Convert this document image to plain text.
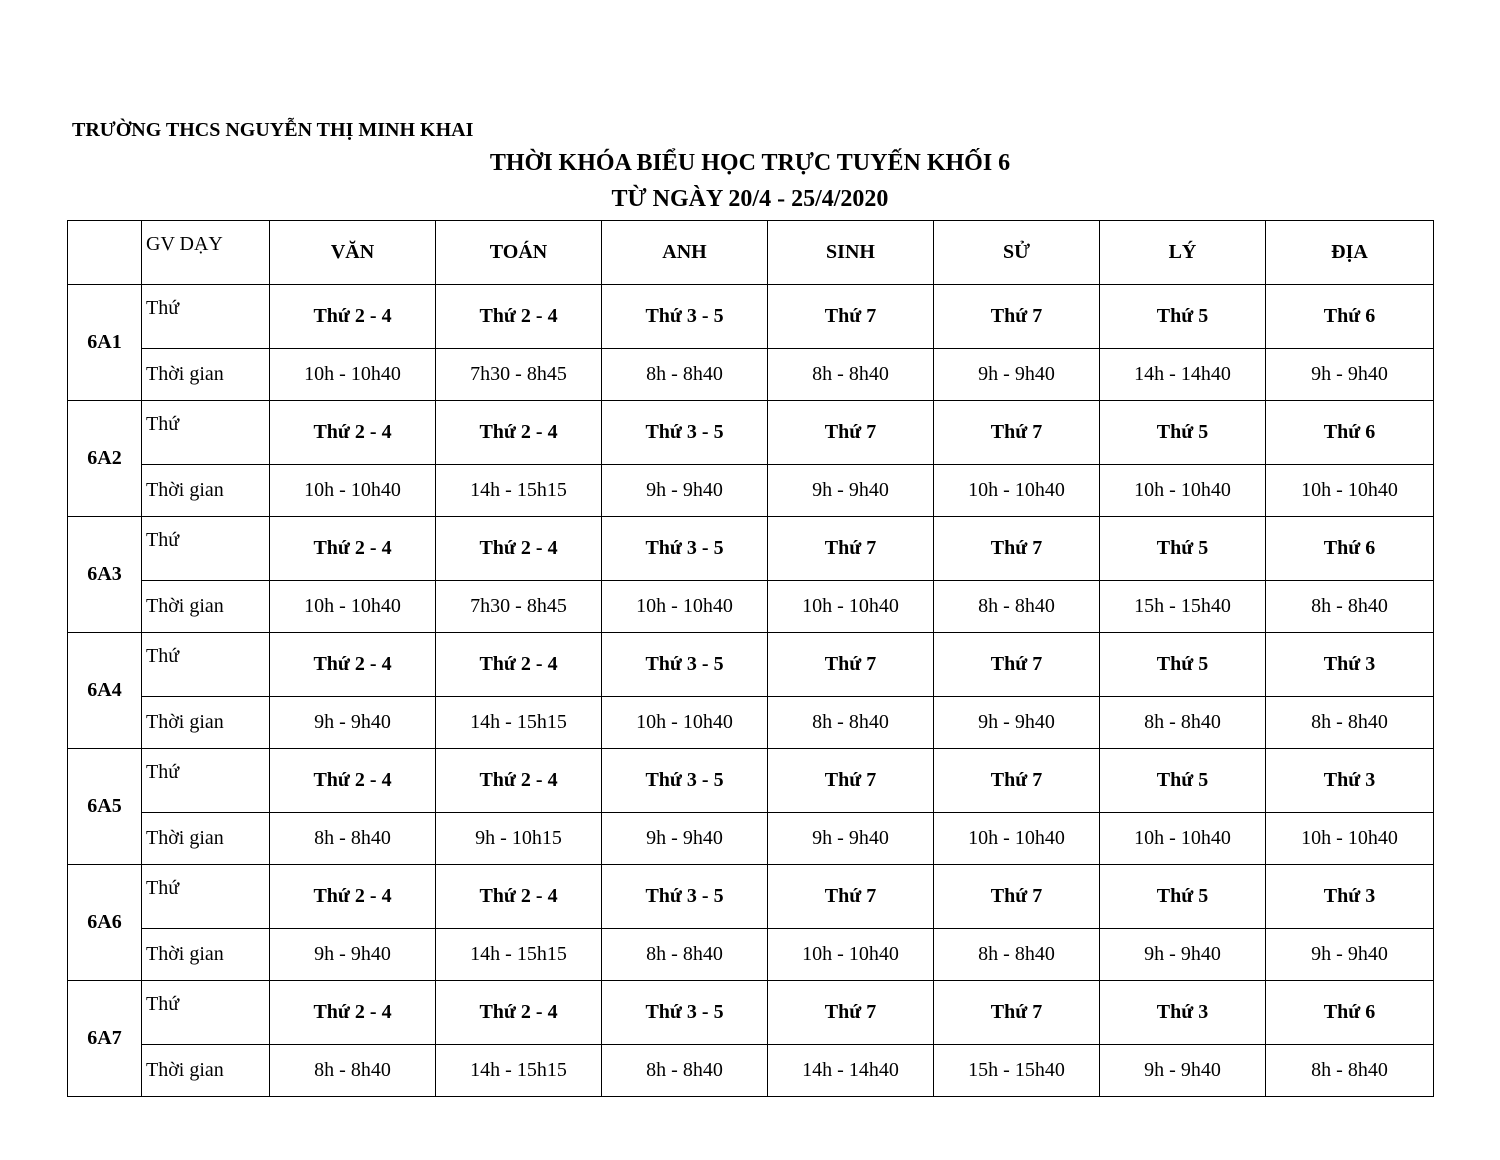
TRƯỜNG THCS NGUYỄN THỊ MINH KHAI
THỜI KHÓA BIỂU HỌC TRỰC TUYẾN KHỐI 6
TỪ NGÀY 20/4 - 25/4/2020
	GV DẠY	VĂN	TOÁN	ANH	SINH	SỬ	LÝ	ĐỊA
6A1	Thứ	Thứ 2 - 4	Thứ 2 - 4	Thứ 3 - 5	Thứ 7	Thứ 7	Thứ 5	Thứ 6
	Thời gian	10h - 10h40	7h30 - 8h45	8h - 8h40	8h - 8h40	9h - 9h40	14h - 14h40	9h - 9h40
6A2	Thứ	Thứ 2 - 4	Thứ 2 - 4	Thứ 3 - 5	Thứ 7	Thứ 7	Thứ 5	Thứ 6
	Thời gian	10h - 10h40	14h - 15h15	9h - 9h40	9h - 9h40	10h - 10h40	10h - 10h40	10h - 10h40
6A3	Thứ	Thứ 2 - 4	Thứ 2 - 4	Thứ 3 - 5	Thứ 7	Thứ 7	Thứ 5	Thứ 6
	Thời gian	10h - 10h40	7h30 - 8h45	10h - 10h40	10h - 10h40	8h - 8h40	15h - 15h40	8h - 8h40
6A4	Thứ	Thứ 2 - 4	Thứ 2 - 4	Thứ 3 - 5	Thứ 7	Thứ 7	Thứ 5	Thứ 3
	Thời gian	9h - 9h40	14h - 15h15	10h - 10h40	8h - 8h40	9h - 9h40	8h - 8h40	8h - 8h40
6A5	Thứ	Thứ 2 - 4	Thứ 2 - 4	Thứ 3 - 5	Thứ 7	Thứ 7	Thứ 5	Thứ 3
	Thời gian	8h - 8h40	9h - 10h15	9h - 9h40	9h - 9h40	10h - 10h40	10h - 10h40	10h - 10h40
6A6	Thứ	Thứ 2 - 4	Thứ 2 - 4	Thứ 3 - 5	Thứ 7	Thứ 7	Thứ 5	Thứ 3
	Thời gian	9h - 9h40	14h - 15h15	8h - 8h40	10h - 10h40	8h - 8h40	9h - 9h40	9h - 9h40
6A7	Thứ	Thứ 2 - 4	Thứ 2 - 4	Thứ 3 - 5	Thứ 7	Thứ 7	Thứ 3	Thứ 6
	Thời gian	8h - 8h40	14h - 15h15	8h - 8h40	14h - 14h40	15h - 15h40	9h - 9h40	8h - 8h40
